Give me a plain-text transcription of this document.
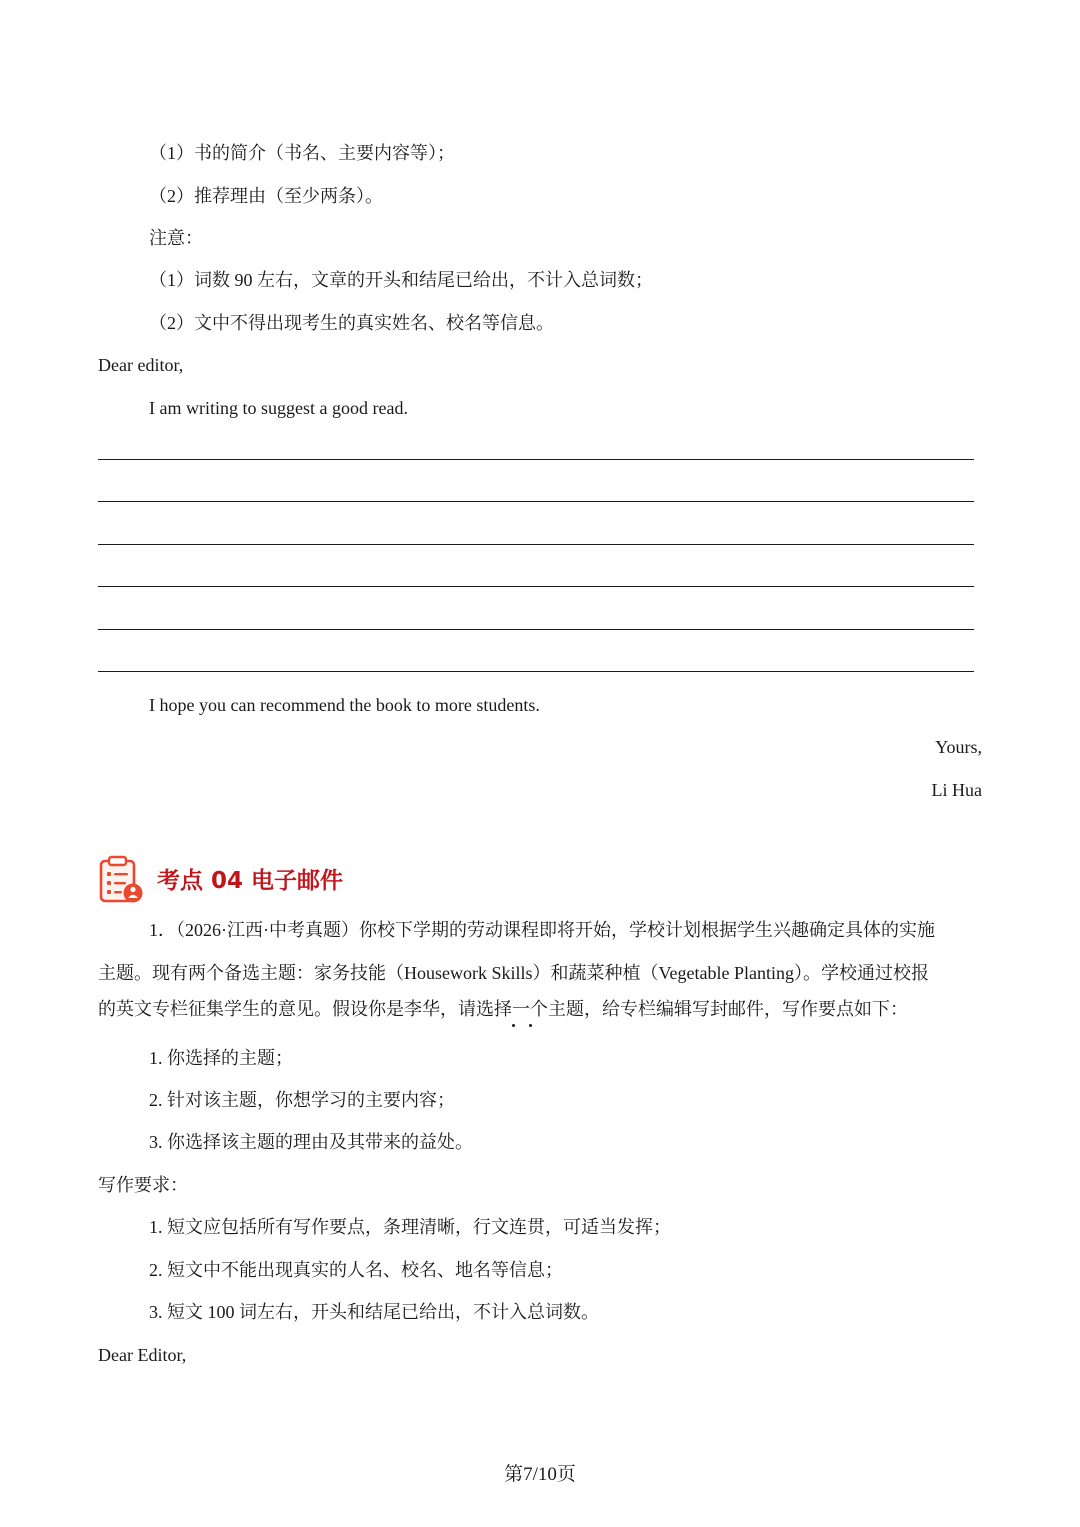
（1）书的简介（书名、主要内容等）；
（2）推荐理由（至少两条）。
注意：
（1）词数 90 左右，文章的开头和结尾已给出，不计入总词数；
（2）文中不得出现考生的真实姓名、校名等信息。
Dear editor,
I am writing to suggest a good read.
I hope you can recommend the book to more students.
Yours,
Li Hua
考点 04 电子邮件
1．（2026·江西·中考真题）你校下学期的劳动课程即将开始，学校计划根据学生兴趣确定具体的实施
主题。现有两个备选主题：家务技能（Housework Skills）和蔬菜种植（Vegetable Planting）。学校通过校报
的英文专栏征集学生的意见。假设你是李华，请选择一个主题，给专栏编辑写封邮件，写作要点如下：
1. 你选择的主题；
2. 针对该主题，你想学习的主要内容；
3. 你选择该主题的理由及其带来的益处。
写作要求：
1. 短文应包括所有写作要点，条理清晰，行文连贯，可适当发挥；
2. 短文中不能出现真实的人名、校名、地名等信息；
3. 短文 100 词左右，开头和结尾已给出，不计入总词数。
Dear Editor,
第7/10页
